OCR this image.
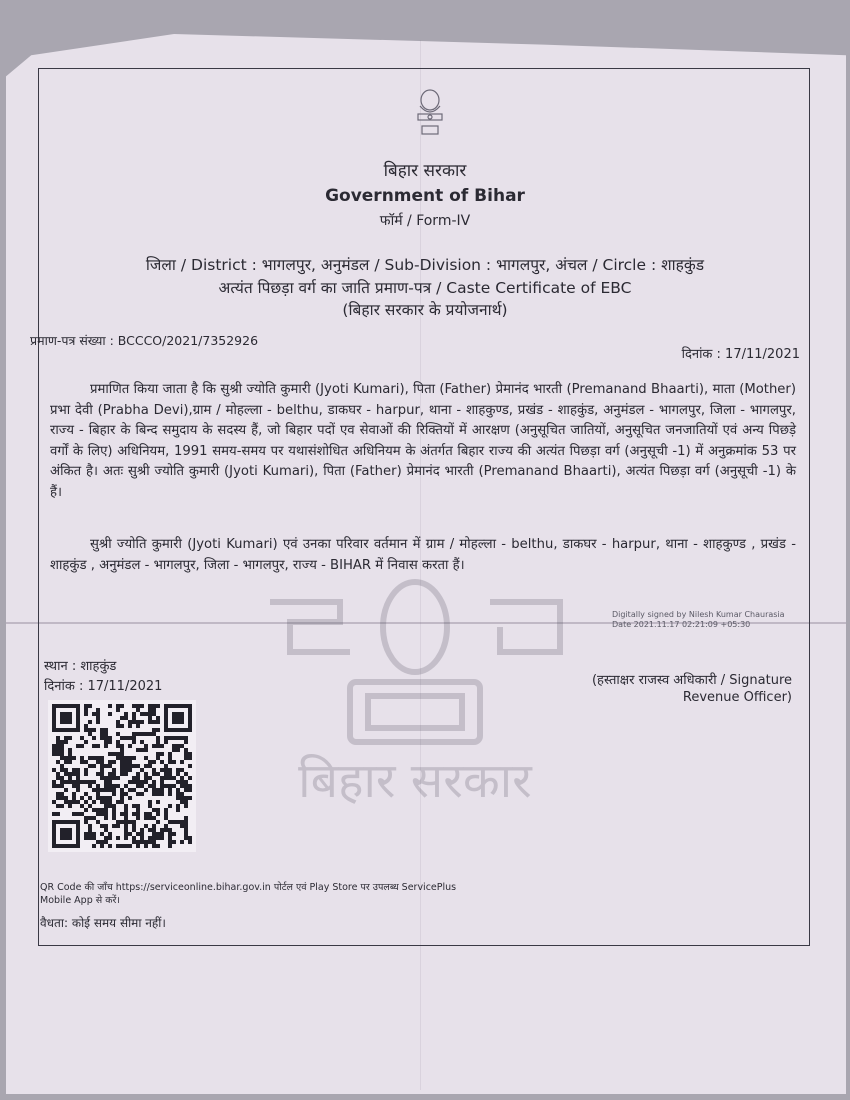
बिहार सरकार
बिहार सरकार
Government of Bihar
फॉर्म / Form-IV
जिला / District : भागलपुर, अनुमंडल / Sub-Division : भागलपुर, अंचल / Circle : शाहकुंड
अत्यंत पिछड़ा वर्ग का जाति प्रमाण-पत्र / Caste Certificate of EBC
(बिहार सरकार के प्रयोजनार्थ)
प्रमाण-पत्र संख्या : BCCCO/2021/7352926
दिनांक : 17/11/2021
प्रमाणित किया जाता है कि सुश्री ज्योति कुमारी (Jyoti Kumari), पिता (Father) प्रेमानंद भारती (Premanand Bhaarti), माता (Mother) प्रभा देवी (Prabha Devi),ग्राम / मोहल्ला - belthu, डाकघर - harpur, थाना - शाहकुण्ड, प्रखंड - शाहकुंड, अनुमंडल - भागलपुर, जिला - भागलपुर, राज्य - बिहार के बिन्द समुदाय के सदस्य हैं, जो बिहार पदों एव सेवाओं की रिक्तियों में आरक्षण (अनुसूचित जातियों, अनुसूचित जनजातियों एवं अन्य पिछड़े वर्गों के लिए) अधिनियम, 1991 समय-समय पर यथासंशोधित अधिनियम के अंतर्गत बिहार राज्य की अत्यंत पिछड़ा वर्ग (अनुसूची -1) में अनुक्रमांक 53 पर अंकित है। अतः सुश्री ज्योति कुमारी (Jyoti Kumari), पिता (Father) प्रेमानंद भारती (Premanand Bhaarti), अत्यंत पिछड़ा वर्ग (अनुसूची -1) के हैं।
सुश्री ज्योति कुमारी (Jyoti Kumari) एवं उनका परिवार वर्तमान में ग्राम / मोहल्ला - belthu, डाकघर - harpur, थाना - शाहकुण्ड , प्रखंड - शाहकुंड , अनुमंडल - भागलपुर, जिला - भागलपुर, राज्य - BIHAR में निवास करता हैं।
Digitally signed by Nilesh Kumar Chaurasia
Date 2021.11.17 02:21:09 +05:30
स्थान : शाहकुंड
दिनांक : 17/11/2021	(हस्ताक्षर राजस्व अधिकारी / Signature
Revenue Officer)
QR Code की जाँच https://serviceonline.bihar.gov.in पोर्टल एवं Play Store पर उपलब्ध ServicePlus
Mobile App से करें।
वैधता: कोई समय सीमा नहीं।
